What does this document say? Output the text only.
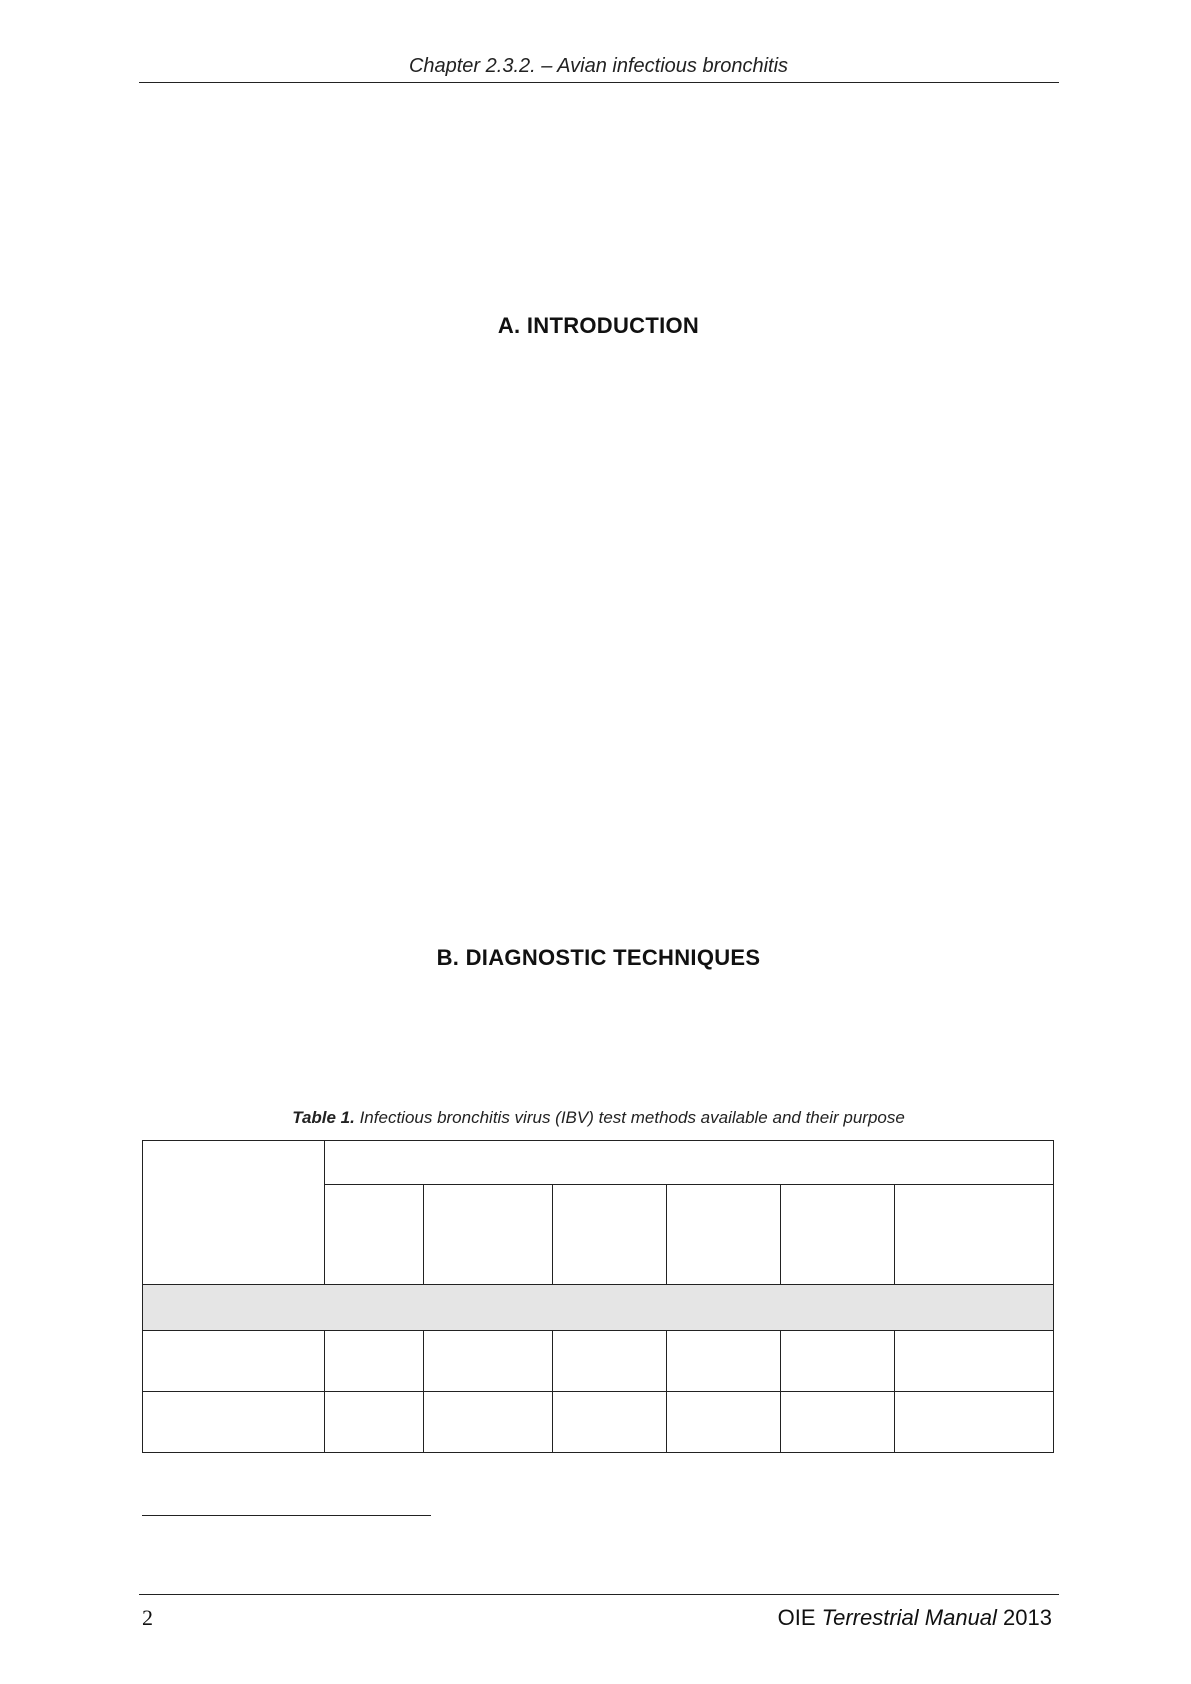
Chapter 2.3.2. – Avian infectious bronchitis
A. INTRODUCTION
B. DIAGNOSTIC TECHNIQUES
Table 1. Infectious bronchitis virus (IBV) test methods available and their purpose
2	OIE Terrestrial Manual 2013
